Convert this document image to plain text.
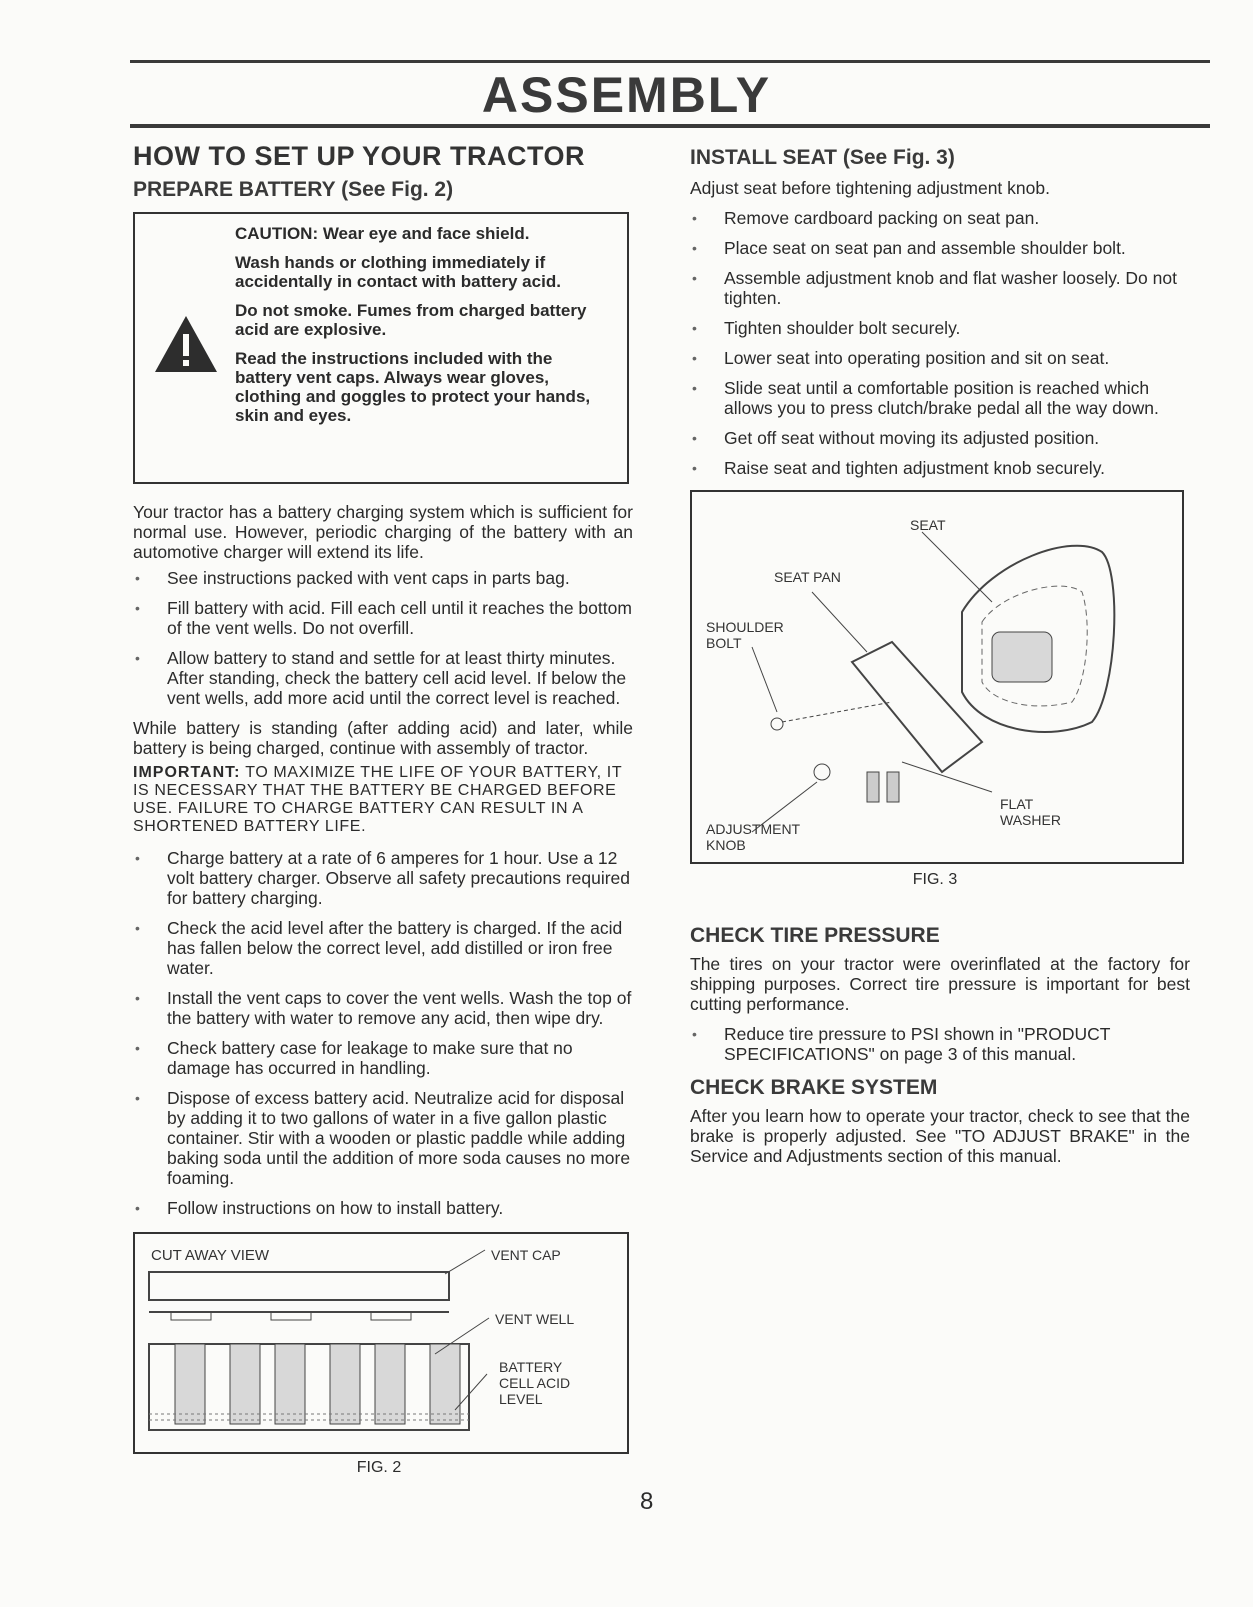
ASSEMBLY
HOW TO SET UP YOUR TRACTOR
PREPARE BATTERY (See Fig. 2)

CAUTION: Wear eye and face shield.

Wash hands or clothing immediately if accidentally in contact with battery acid.

Do not smoke. Fumes from charged battery acid are explosive.

Read the instructions included with the battery vent caps. Always wear gloves, clothing and goggles to protect your hands, skin and eyes.

Your tractor has a battery charging system which is sufficient for normal use. However, periodic charging of the battery with an automotive charger will extend its life.

• See instructions packed with vent caps in parts bag.
• Fill battery with acid. Fill each cell until it reaches the bottom of the vent wells. Do not overfill.
• Allow battery to stand and settle for at least thirty minutes. After standing, check the battery cell acid level. If below the vent wells, add more acid until the correct level is reached.

While battery is standing (after adding acid) and later, while battery is being charged, continue with assembly of tractor.

IMPORTANT: TO MAXIMIZE THE LIFE OF YOUR BATTERY, IT IS NECESSARY THAT THE BATTERY BE CHARGED BEFORE USE. FAILURE TO CHARGE BATTERY CAN RESULT IN A SHORTENED BATTERY LIFE.

• Charge battery at a rate of 6 amperes for 1 hour. Use a 12 volt battery charger. Observe all safety precautions required for battery charging.
• Check the acid level after the battery is charged. If the acid has fallen below the correct level, add distilled or iron free water.
• Install the vent caps to cover the vent wells. Wash the top of the battery with water to remove any acid, then wipe dry.
• Check battery case for leakage to make sure that no damage has occurred in handling.
• Dispose of excess battery acid. Neutralize acid for disposal by adding it to two gallons of water in a five gallon plastic container. Stir with a wooden or plastic paddle while adding baking soda until the addition of more soda causes no more foaming.
• Follow instructions on how to install battery.
CUT AWAY VIEW	VENT CAP
VENT WELL
BATTERY
CELL ACID
LEVEL
FIG. 2
INSTALL SEAT (See Fig. 3)

Adjust seat before tightening adjustment knob.

• Remove cardboard packing on seat pan.
• Place seat on seat pan and assemble shoulder bolt.
• Assemble adjustment knob and flat washer loosely. Do not tighten.
• Tighten shoulder bolt securely.
• Lower seat into operating position and sit on seat.
• Slide seat until a comfortable position is reached which allows you to press clutch/brake pedal all the way down.
• Get off seat without moving its adjusted position.
• Raise seat and tighten adjustment knob securely.
SEAT
SEAT PAN
SHOULDER
BOLT
ADJUSTMENT
KNOB
FLAT
WASHER
FIG. 3
CHECK TIRE PRESSURE

The tires on your tractor were overinflated at the factory for shipping purposes. Correct tire pressure is important for best cutting performance.

• Reduce tire pressure to PSI shown in "PRODUCT SPECIFICATIONS" on page 3 of this manual.
CHECK BRAKE SYSTEM

After you learn how to operate your tractor, check to see that the brake is properly adjusted. See "TO ADJUST BRAKE" in the Service and Adjustments section of this manual.

8
